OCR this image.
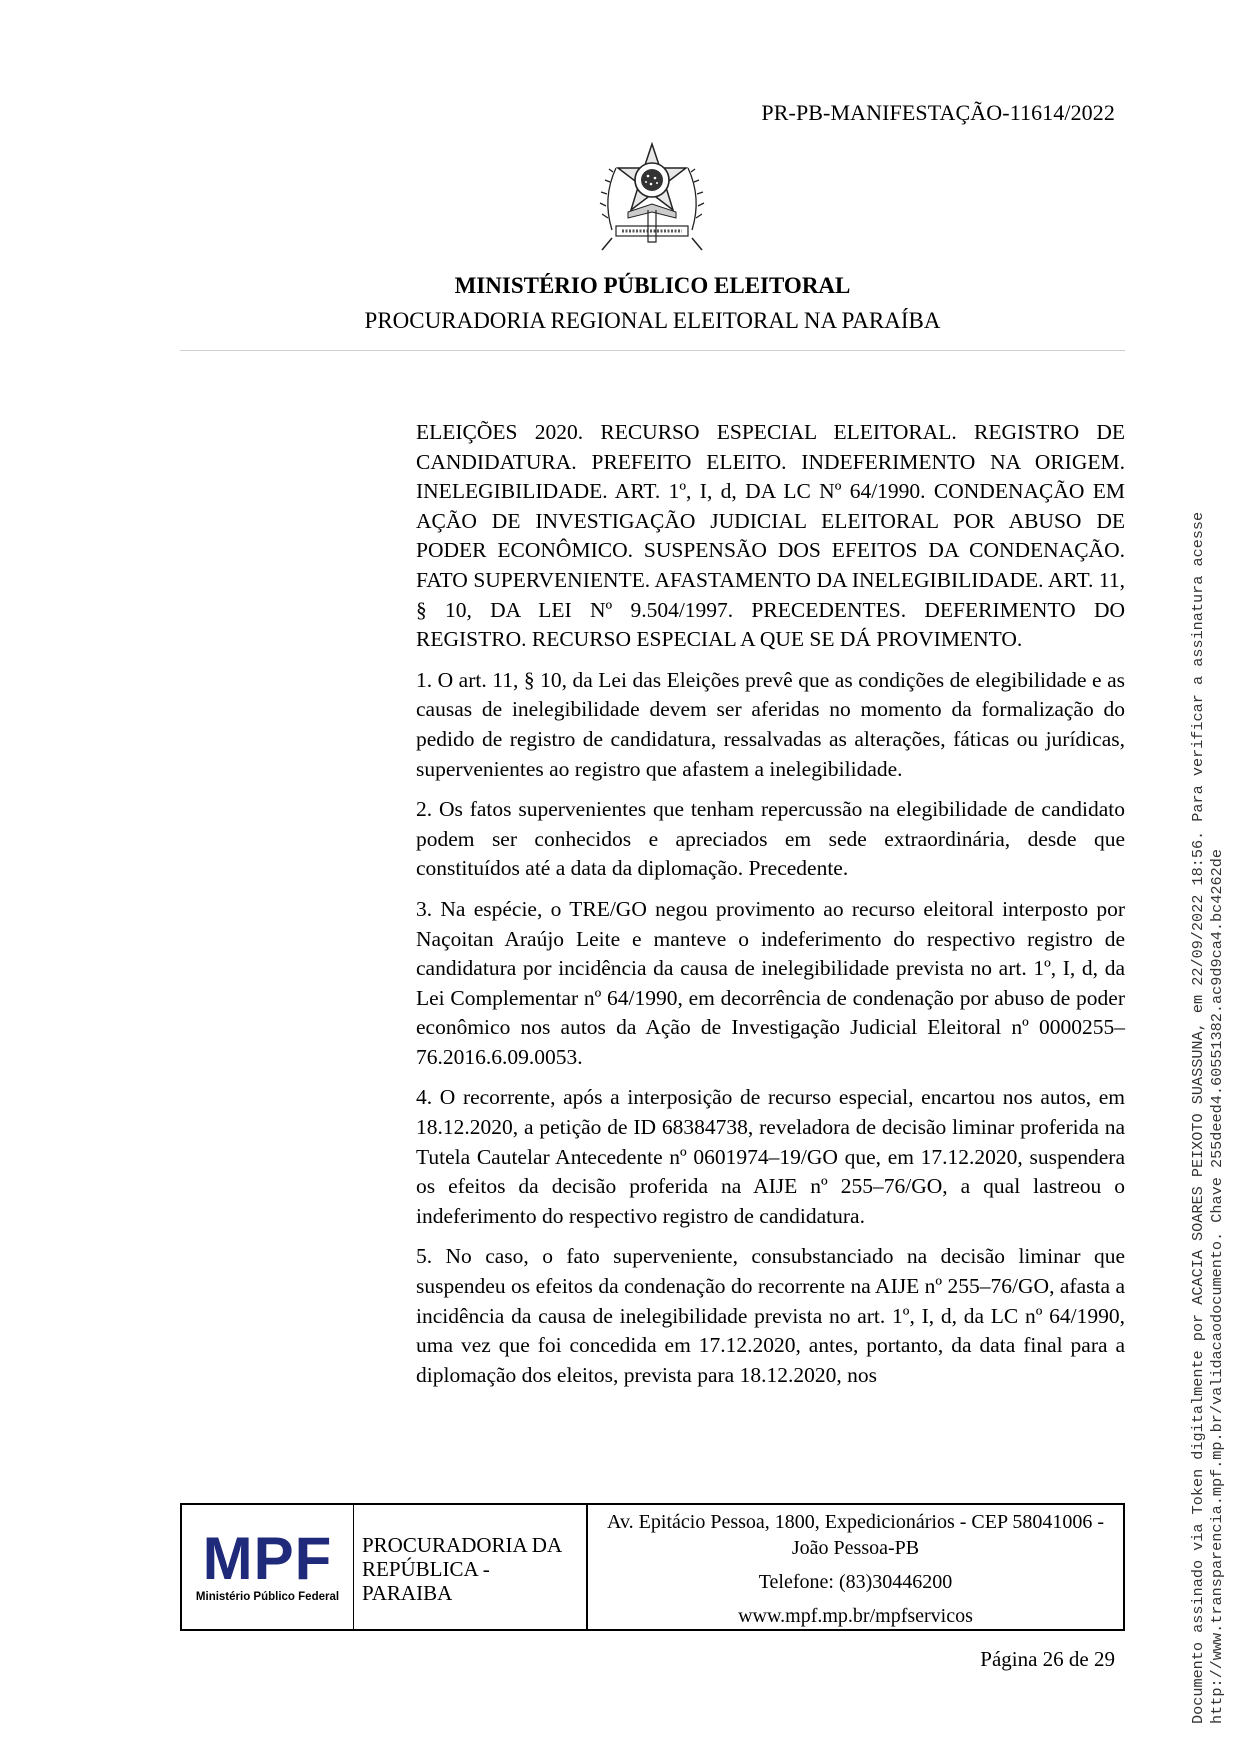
PR-PB-MANIFESTAÇÃO-11614/2022
MINISTÉRIO PÚBLICO ELEITORAL
PROCURADORIA REGIONAL ELEITORAL NA PARAÍBA

ELEIÇÕES 2020. RECURSO ESPECIAL ELEITORAL. REGISTRO DE CANDIDATURA. PREFEITO ELEITO. INDEFERIMENTO NA ORIGEM. INELEGIBILIDADE. ART. 1º, I, d, DA LC Nº 64/1990. CONDENAÇÃO EM AÇÃO DE INVESTIGAÇÃO JUDICIAL ELEITORAL POR ABUSO DE PODER ECONÔMICO. SUSPENSÃO DOS EFEITOS DA CONDENAÇÃO. FATO SUPERVENIENTE. AFASTAMENTO DA INELEGIBILIDADE. ART. 11, § 10, DA LEI Nº 9.504/1997. PRECEDENTES. DEFERIMENTO DO REGISTRO. RECURSO ESPECIAL A QUE SE DÁ PROVIMENTO.

1. O art. 11, § 10, da Lei das Eleições prevê que as condições de elegibilidade e as causas de inelegibilidade devem ser aferidas no momento da formalização do pedido de registro de candidatura, ressalvadas as alterações, fáticas ou jurídicas, supervenientes ao registro que afastem a inelegibilidade.

2. Os fatos supervenientes que tenham repercussão na elegibilidade de candidato podem ser conhecidos e apreciados em sede extraordinária, desde que constituídos até a data da diplomação. Precedente.

3. Na espécie, o TRE/GO negou provimento ao recurso eleitoral interposto por Naçoitan Araújo Leite e manteve o indeferimento do respectivo registro de candidatura por incidência da causa de inelegibilidade prevista no art. 1º, I, d, da Lei Complementar nº 64/1990, em decorrência de condenação por abuso de poder econômico nos autos da Ação de Investigação Judicial Eleitoral nº 0000255–76.2016.6.09.0053.

4. O recorrente, após a interposição de recurso especial, encartou nos autos, em 18.12.2020, a petição de ID 68384738, reveladora de decisão liminar proferida na Tutela Cautelar Antecedente nº 0601974–19/GO que, em 17.12.2020, suspendera os efeitos da decisão proferida na AIJE nº 255–76/GO, a qual lastreou o indeferimento do respectivo registro de candidatura.

5. No caso, o fato superveniente, consubstanciado na decisão liminar que suspendeu os efeitos da condenação do recorrente na AIJE nº 255–76/GO, afasta a incidência da causa de inelegibilidade prevista no art. 1º, I, d, da LC nº 64/1990, uma vez que foi concedida em 17.12.2020, antes, portanto, da data final para a diplomação dos eleitos, prevista para 18.12.2020, nos

MPF
Ministério Público Federal
PROCURADORIA DA REPÚBLICA - PARAIBA
Av. Epitácio Pessoa, 1800, Expedicionários - CEP 58041006 - João Pessoa-PB
Telefone: (83)30446200
www.mpf.mp.br/mpfservicos
Página 26 de 29	Documento assinado via Token digitalmente por ACACIA SOARES PEIXOTO SUASSUNA, em 22/09/2022 18:56. Para verificar a assinatura acesse http://www.transparencia.mpf.mp.br/validacaodocumento. Chave 255deed4.60551382.ac9d9ca4.bc4262de
